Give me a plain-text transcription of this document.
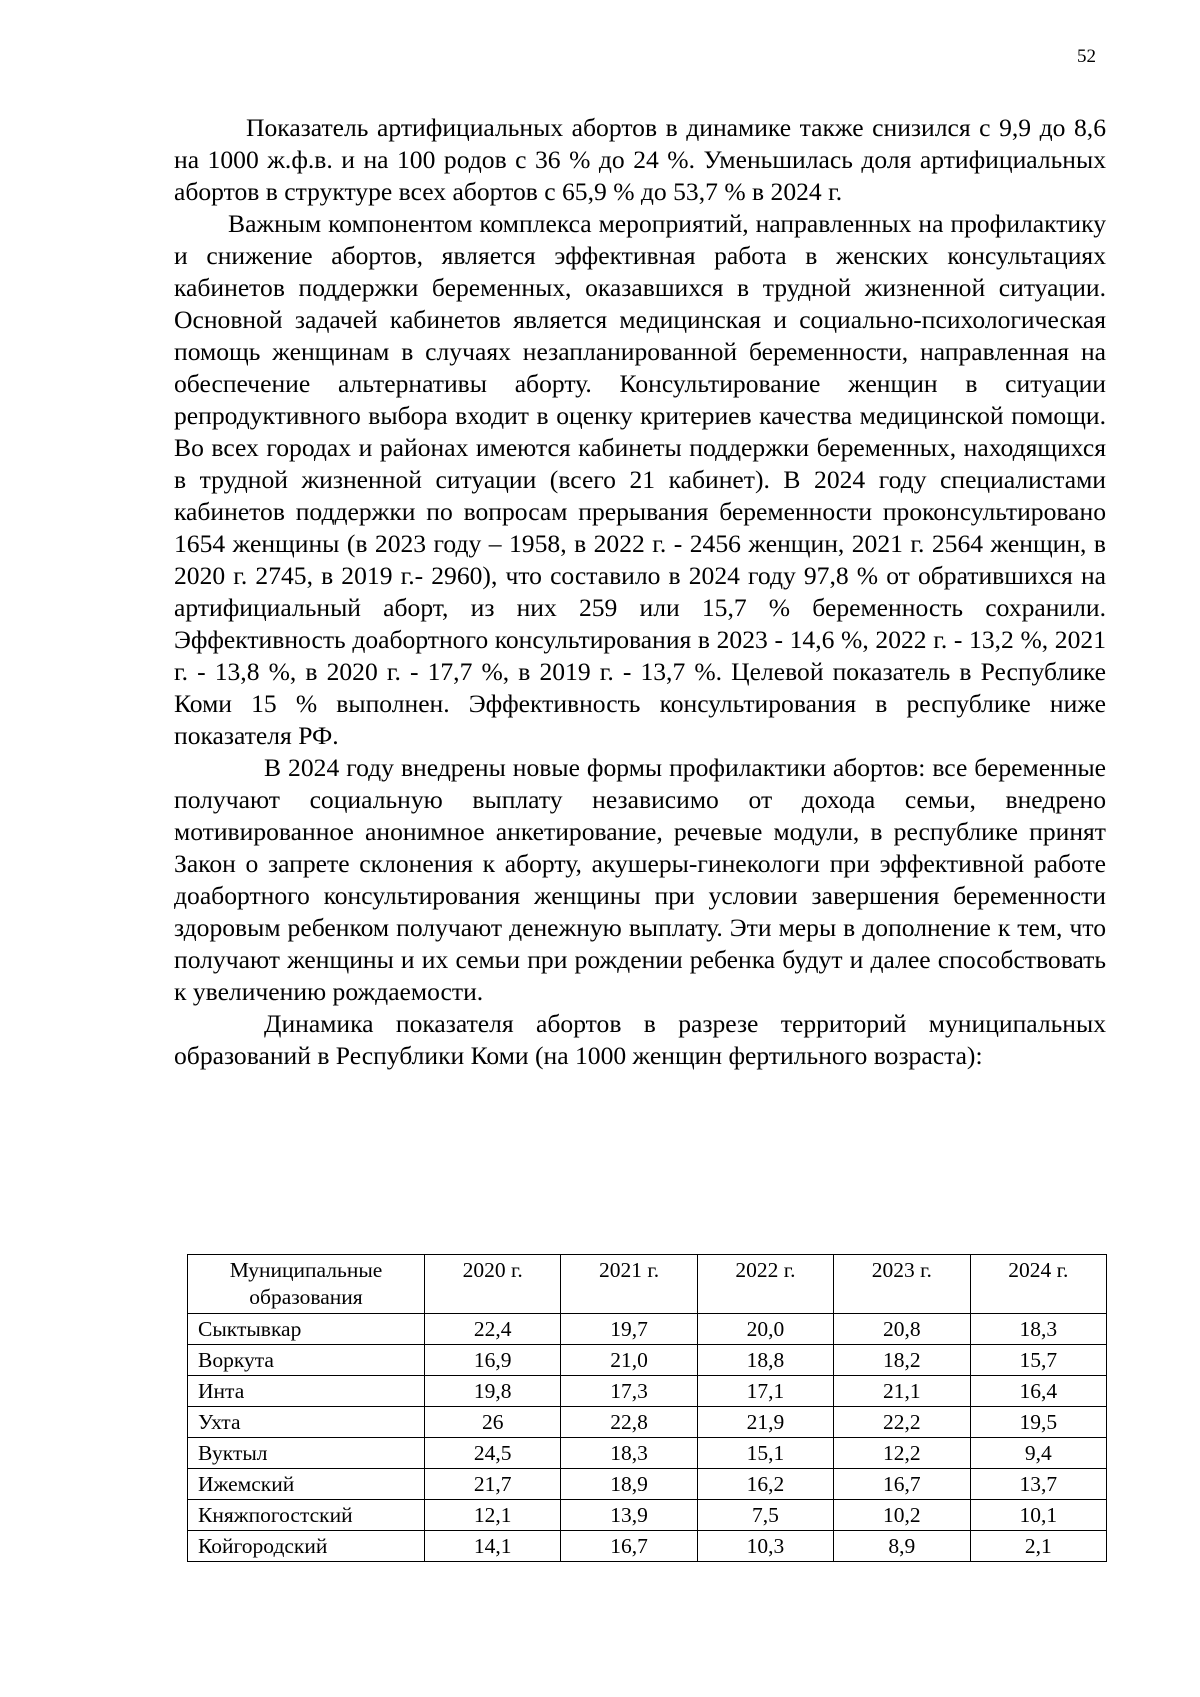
52

Показатель артифициальных абортов в динамике также снизился с 9,9 до 8,6 на 1000 ж.ф.в. и на 100 родов с 36 % до 24 %. Уменьшилась доля артифициальных абортов в структуре всех абортов с 65,9 % до 53,7 % в 2024 г.

Важным компонентом комплекса мероприятий, направленных на профилактику и снижение абортов, является эффективная работа в женских консультациях кабинетов поддержки беременных, оказавшихся в трудной жизненной ситуации. Основной задачей кабинетов является медицинская и социально-психологическая помощь женщинам в случаях незапланированной беременности, направленная на обеспечение альтернативы аборту. Консультирование женщин в ситуации репродуктивного выбора входит в оценку критериев качества медицинской помощи. Во всех городах и районах имеются кабинеты поддержки беременных, находящихся в трудной жизненной ситуации (всего 21 кабинет). В 2024 году специалистами кабинетов поддержки по вопросам прерывания беременности проконсультировано 1654 женщины (в 2023 году – 1958, в 2022 г. - 2456 женщин, 2021 г. 2564 женщин, в 2020 г. 2745, в 2019 г.- 2960), что составило в 2024 году 97,8 % от обратившихся на артифициальный аборт, из них 259 или 15,7 % беременность сохранили. Эффективность доабортного консультирования в 2023 - 14,6 %, 2022 г. - 13,2 %, 2021 г. - 13,8 %, в 2020 г. - 17,7 %, в 2019 г. - 13,7 %. Целевой показатель в Республике Коми 15 % выполнен. Эффективность консультирования в республике ниже показателя РФ.

В 2024 году внедрены новые формы профилактики абортов: все беременные получают социальную выплату независимо от дохода семьи, внедрено мотивированное анонимное анкетирование, речевые модули, в республике принят Закон о запрете склонения к аборту, акушеры-гинекологи при эффективной работе доабортного консультирования женщины при условии завершения беременности здоровым ребенком получают денежную выплату. Эти меры в дополнение к тем, что получают женщины и их семьи при рождении ребенка будут и далее способствовать к увеличению рождаемости.

Динамика показателя абортов в разрезе территорий муниципальных образований в Республики Коми (на 1000 женщин фертильного возраста):

Муниципальные образования	2020 г.	2021 г.	2022 г.	2023 г.	2024 г.
Сыктывкар	22,4	19,7	20,0	20,8	18,3
Воркута	16,9	21,0	18,8	18,2	15,7
Инта	19,8	17,3	17,1	21,1	16,4
Ухта	26	22,8	21,9	22,2	19,5
Вуктыл	24,5	18,3	15,1	12,2	9,4
Ижемский	21,7	18,9	16,2	16,7	13,7
Княжпогостский	12,1	13,9	7,5	10,2	10,1
Койгородский	14,1	16,7	10,3	8,9	2,1
